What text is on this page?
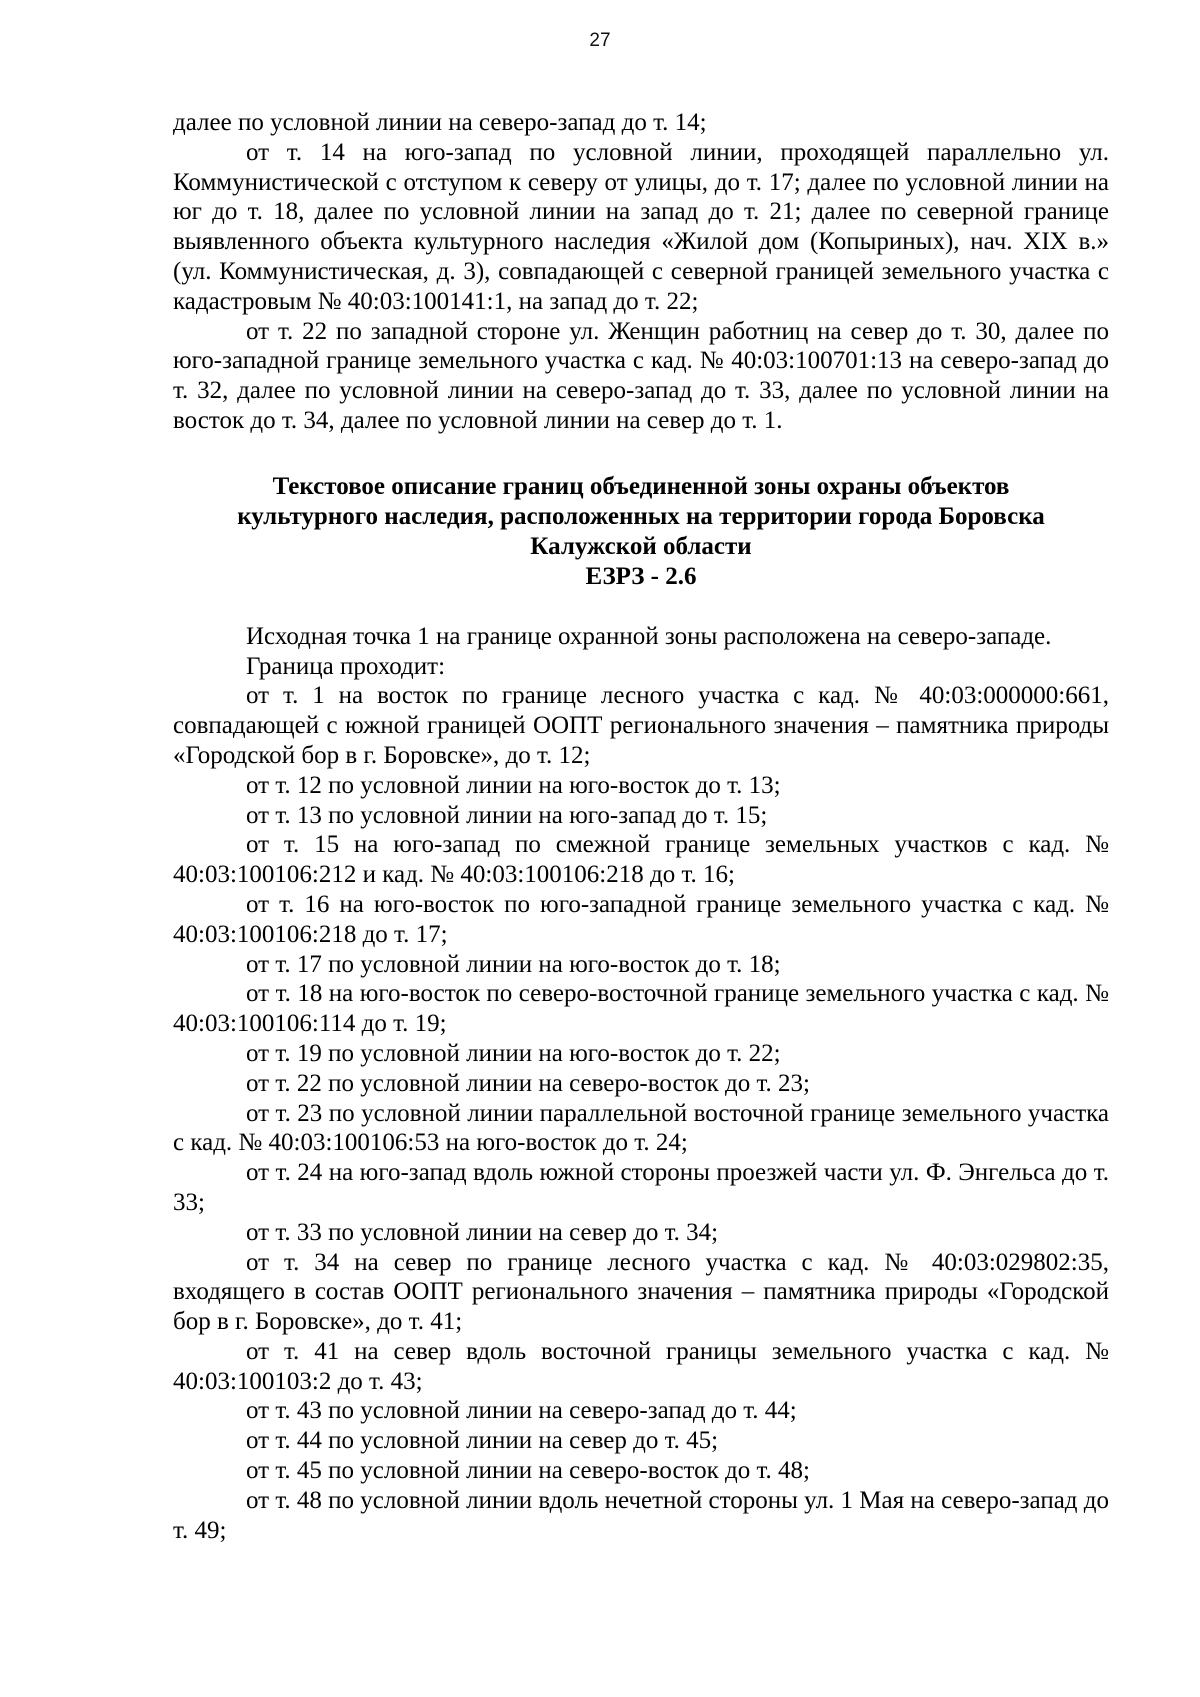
27

далее по условной линии на северо-запад до т. 14;

от т. 14 на юго-запад по условной линии, проходящей параллельно ул. Коммунистической с отступом к северу от улицы, до т. 17; далее по условной линии на юг до т. 18, далее по условной линии на запад до т. 21; далее по северной границе выявленного объекта культурного наследия «Жилой дом (Копыриных), нач. XIX в.» (ул. Коммунистическая, д. 3), совпадающей с северной границей земельного участка с кадастровым № 40:03:100141:1, на запад до т. 22;

от т. 22 по западной стороне ул. Женщин работниц на север до т. 30, далее по юго-западной границе земельного участка с кад. № 40:03:100701:13 на северо-запад до т. 32, далее по условной линии на северо-запад до т. 33, далее по условной линии на восток до т. 34, далее по условной линии на север до т. 1.

Текстовое описание границ объединенной зоны охраны объектов
культурного наследия, расположенных на территории города Боровска
Калужской области
ЕЗРЗ - 2.6

Исходная точка 1 на границе охранной зоны расположена на северо-западе.

Граница проходит:

от т. 1 на восток по границе лесного участка с кад. № 40:03:000000:661, совпадающей с южной границей ООПТ регионального значения – памятника природы «Городской бор в г. Боровске», до т. 12;

от т. 12 по условной линии на юго-восток до т. 13;

от т. 13 по условной линии на юго-запад до т. 15;

от т. 15 на юго-запад по смежной границе земельных участков с кад. № 40:03:100106:212 и кад. № 40:03:100106:218 до т. 16;

от т. 16 на юго-восток по юго-западной границе земельного участка с кад. № 40:03:100106:218 до т. 17;

от т. 17 по условной линии на юго-восток до т. 18;

от т. 18 на юго-восток по северо-восточной границе земельного участка с кад. № 40:03:100106:114 до т. 19;

от т. 19 по условной линии на юго-восток до т. 22;

от т. 22 по условной линии на северо-восток до т. 23;

от т. 23 по условной линии параллельной восточной границе земельного участка с кад. № 40:03:100106:53 на юго-восток до т. 24;

от т. 24 на юго-запад вдоль южной стороны проезжей части ул. Ф. Энгельса до т. 33;

от т. 33 по условной линии на север до т. 34;

от т. 34 на север по границе лесного участка с кад. № 40:03:029802:35, входящего в состав ООПТ регионального значения – памятника природы «Городской бор в г. Боровске», до т. 41;

от т. 41 на север вдоль восточной границы земельного участка с кад. № 40:03:100103:2 до т. 43;

от т. 43 по условной линии на северо-запад до т. 44;

от т. 44 по условной линии на север до т. 45;

от т. 45 по условной линии на северо-восток до т. 48;

от т. 48 по условной линии вдоль нечетной стороны ул. 1 Мая на северо-запад до т. 49;
